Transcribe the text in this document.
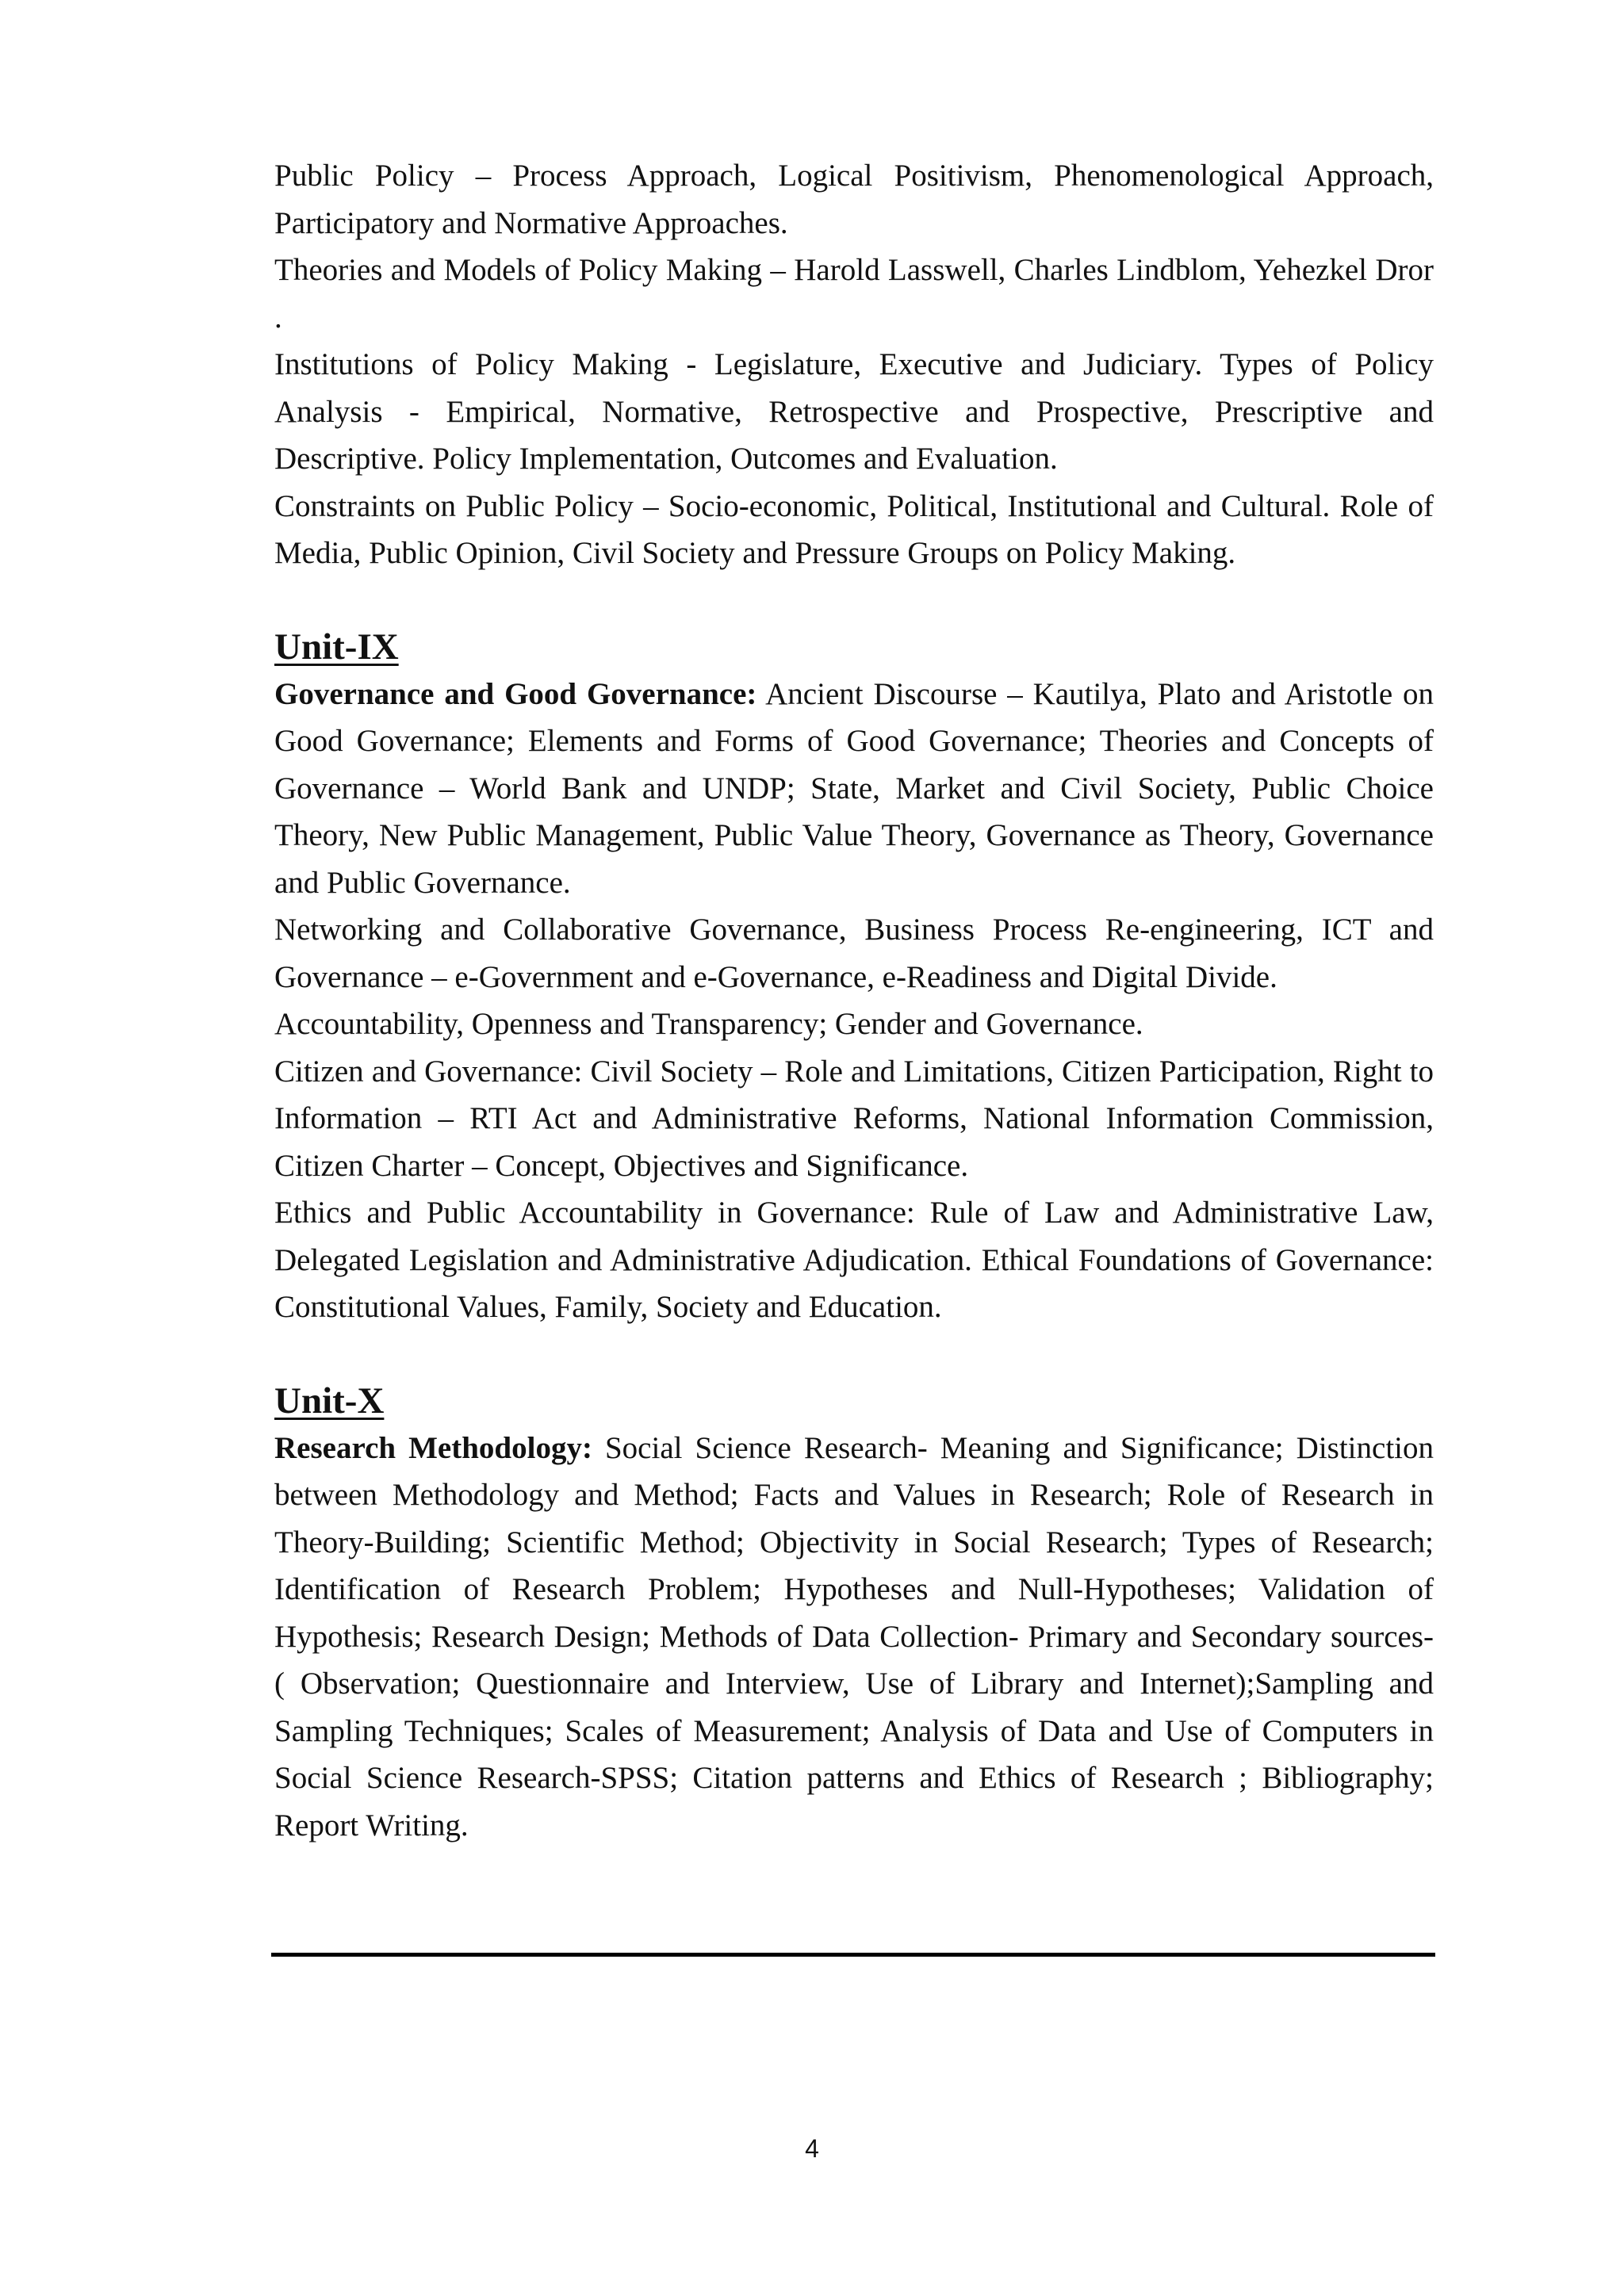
Public Policy – Process Approach, Logical Positivism, Phenomenological Approach, Participatory and Normative Approaches.

Theories and Models of Policy Making – Harold Lasswell, Charles Lindblom, Yehezkel Dror .

Institutions of Policy Making - Legislature, Executive and Judiciary. Types of Policy Analysis - Empirical, Normative, Retrospective and Prospective, Prescriptive and Descriptive. Policy Implementation, Outcomes and Evaluation.

Constraints on Public Policy – Socio-economic, Political, Institutional and Cultural. Role of Media, Public Opinion, Civil Society and Pressure Groups on Policy Making.

Unit-IX

Governance and Good Governance: Ancient Discourse – Kautilya, Plato and Aristotle on Good Governance; Elements and Forms of Good Governance; Theories and Concepts of Governance – World Bank and UNDP; State, Market and Civil Society, Public Choice Theory, New Public Management, Public Value Theory, Governance as Theory, Governance and Public Governance.

Networking and Collaborative Governance, Business Process Re-engineering, ICT and Governance – e-Government and e-Governance, e-Readiness and Digital Divide.

Accountability, Openness and Transparency; Gender and Governance.

Citizen and Governance: Civil Society – Role and Limitations, Citizen Participation, Right to Information – RTI Act and Administrative Reforms, National Information Commission, Citizen Charter – Concept, Objectives and Significance.

Ethics and Public Accountability in Governance: Rule of Law and Administrative Law, Delegated Legislation and Administrative Adjudication. Ethical Foundations of Governance: Constitutional Values, Family, Society and Education.

Unit-X

Research Methodology: Social Science Research- Meaning and Significance; Distinction between Methodology and Method; Facts and Values in Research; Role of Research in Theory-Building; Scientific Method; Objectivity in Social Research; Types of Research; Identification of Research Problem; Hypotheses and Null-Hypotheses; Validation of Hypothesis; Research Design; Methods of Data Collection- Primary and Secondary sources- ( Observation; Questionnaire and Interview, Use of Library and Internet);Sampling and Sampling Techniques; Scales of Measurement; Analysis of Data and Use of Computers in Social Science Research-SPSS; Citation patterns and Ethics of Research ; Bibliography; Report Writing.

4
